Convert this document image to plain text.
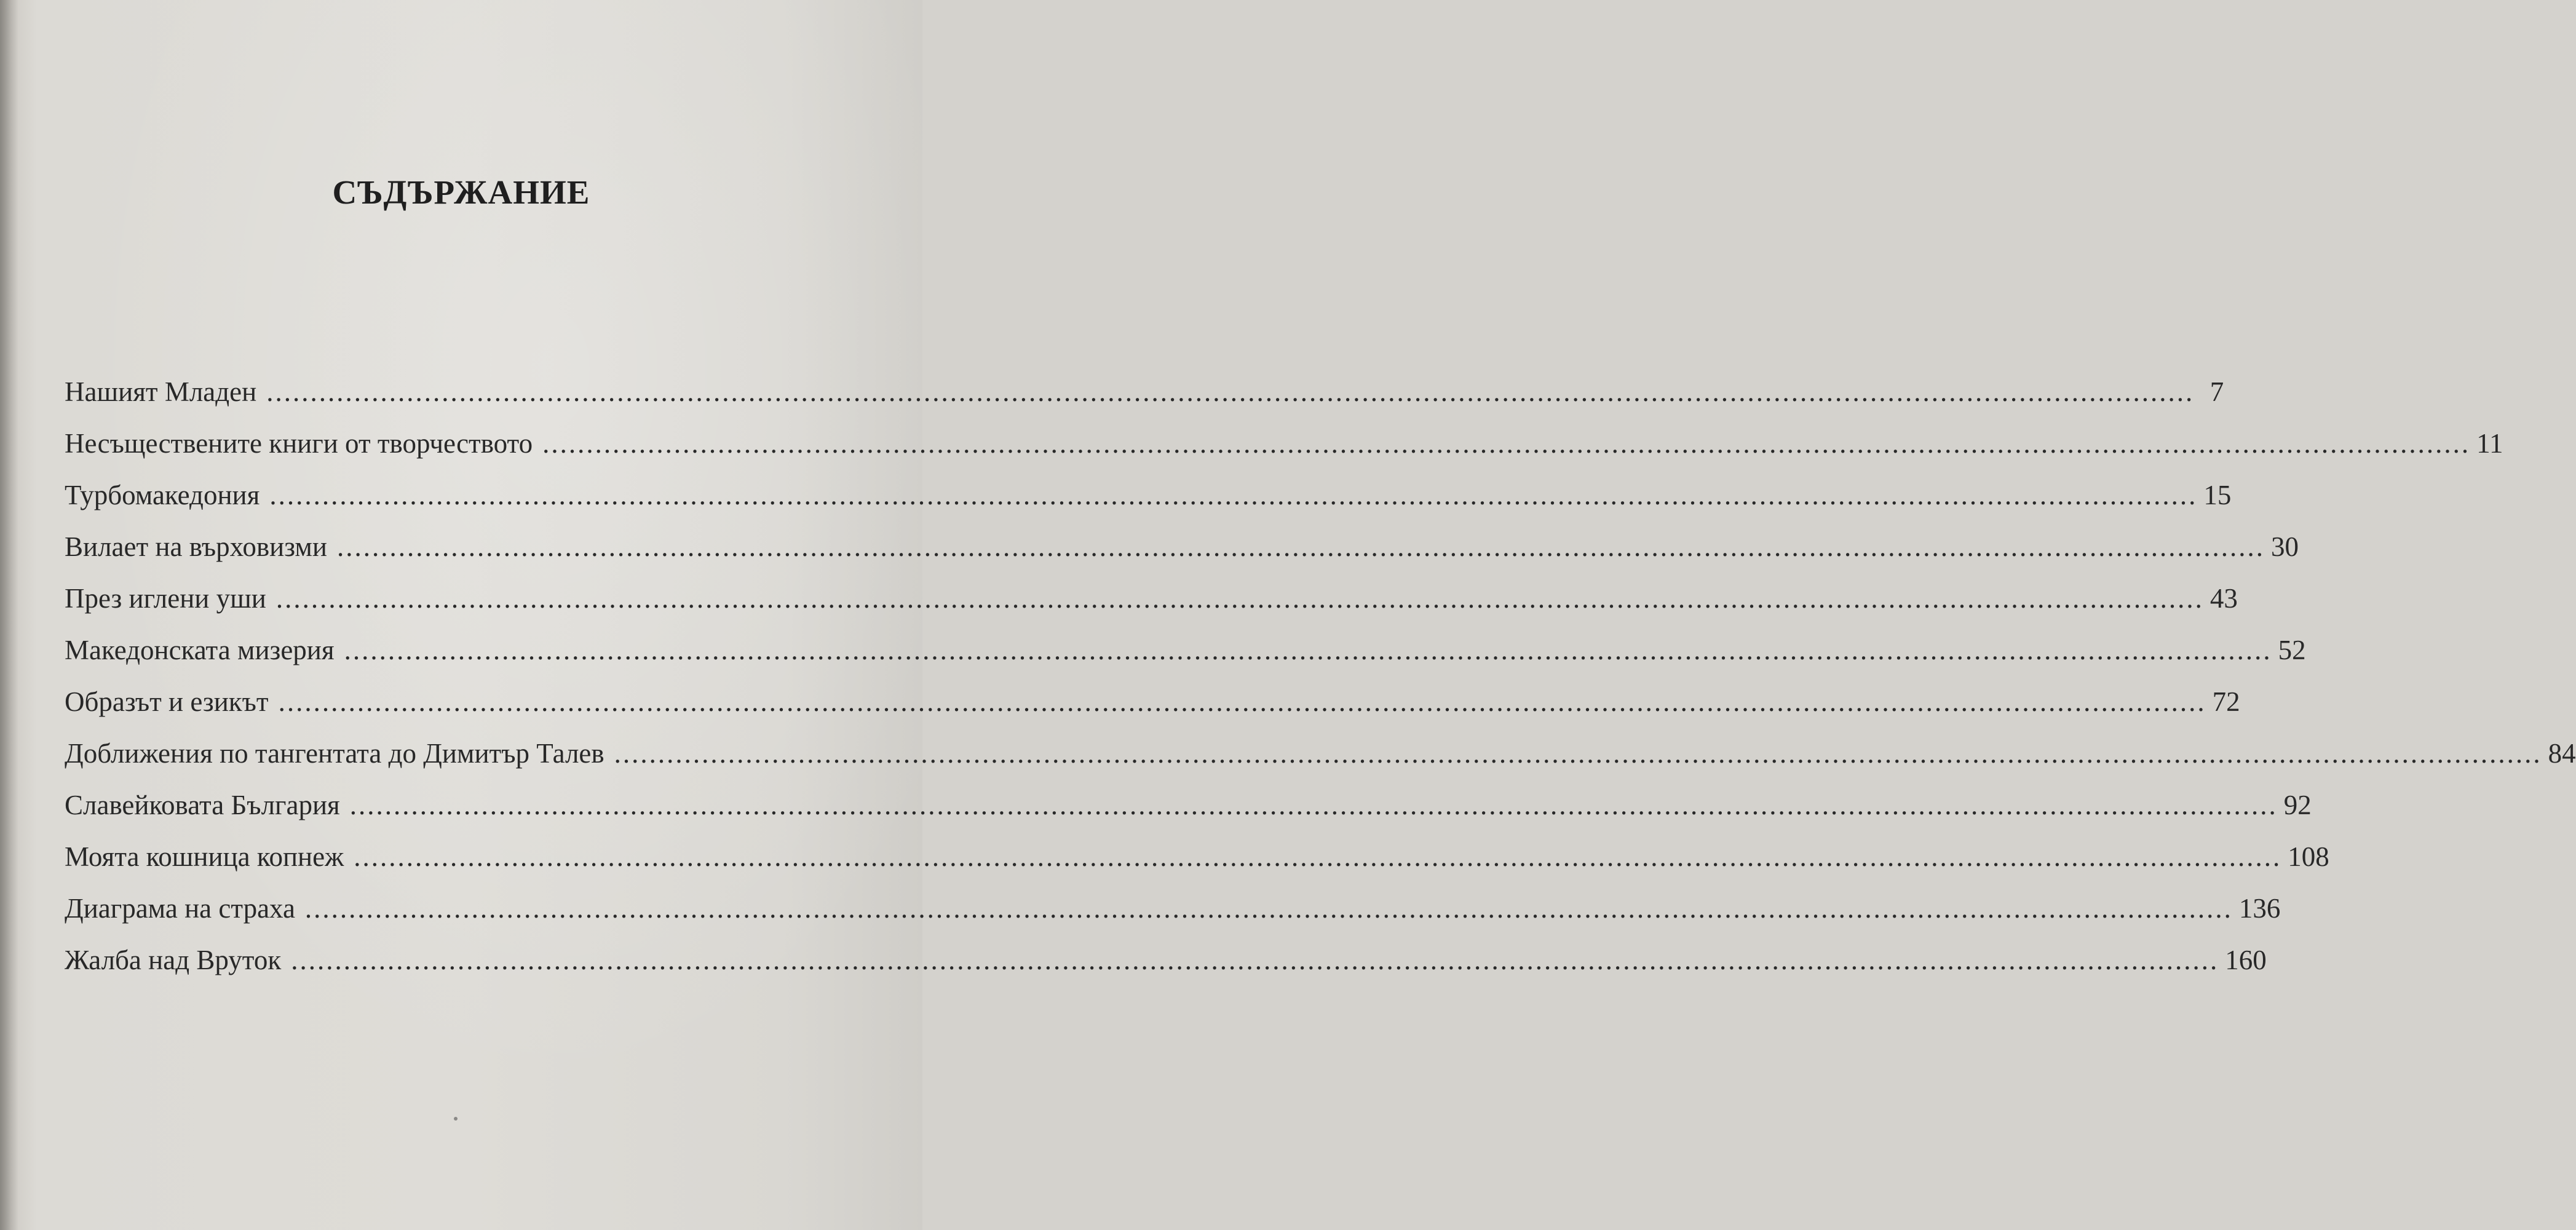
СЪДЪРЖАНИЕ
Нашият Младен ............................................................................................................................................................................................................................ 7
Несъществените книги от творчеството ............................................................................................................................................................................................................................ 11
Турбомакедония ............................................................................................................................................................................................................................ 15
Вилает на върховизми ............................................................................................................................................................................................................................ 30
През иглени уши ............................................................................................................................................................................................................................ 43
Македонската мизерия ............................................................................................................................................................................................................................ 52
Образът и езикът ............................................................................................................................................................................................................................ 72
Доближения по тангентата до Димитър Талев ............................................................................................................................................................................................................................ 84
Славейковата България ............................................................................................................................................................................................................................ 92
Моята кошница копнеж ............................................................................................................................................................................................................................ 108
Диаграма на страха ............................................................................................................................................................................................................................ 136
Жалба над Вруток ............................................................................................................................................................................................................................ 160
